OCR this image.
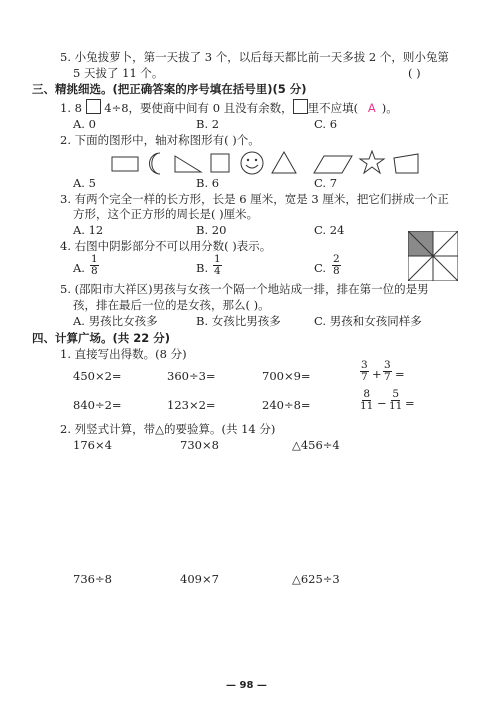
5. 小兔拔萝卜，第一天拔了 3 个，以后每天都比前一天多拔 2 个，则小兔第
5 天拔了 11 个。	( )
三、精挑细选。(把正确答案的序号填在括号里)(5 分)
1. 8 4÷8，要使商中间有 0 且没有余数， 里不应填( A )。
A. 0	B. 2	C. 6
2. 下面的图形中，轴对称图形有( )个。
A. 5	B. 6	C. 7
3. 有两个完全一样的长方形，长是 6 厘米，宽是 3 厘米，把它们拼成一个正
方形，这个正方形的周长是( )厘米。
A. 12	B. 20	C. 24
4. 右图中阴影部分不可以用分数( )表示。
A. $\frac{1}{8}$	B. $\frac{1}{4}$	C. $\frac{2}{8}$
5. (邵阳市大祥区)男孩与女孩一个隔一个地站成一排，排在第一位的是男
孩，排在最后一位的是女孩，那么( )。
A. 男孩比女孩多	B. 女孩比男孩多	C. 男孩和女孩同样多
四、计算广场。(共 22 分)
1. 直接写出得数。(8 分)
450×2=	360÷3=	700×9=	$\frac{3}{7} + \frac{3}{7}$ =
840÷2=	123×2=	240÷8=	$\frac{8}{11} - \frac{5}{11}$ =
2. 列竖式计算，带△的要验算。(共 14 分)
176×4	730×8	△456÷4
736÷8	409×7	△625÷3
— 98 —
